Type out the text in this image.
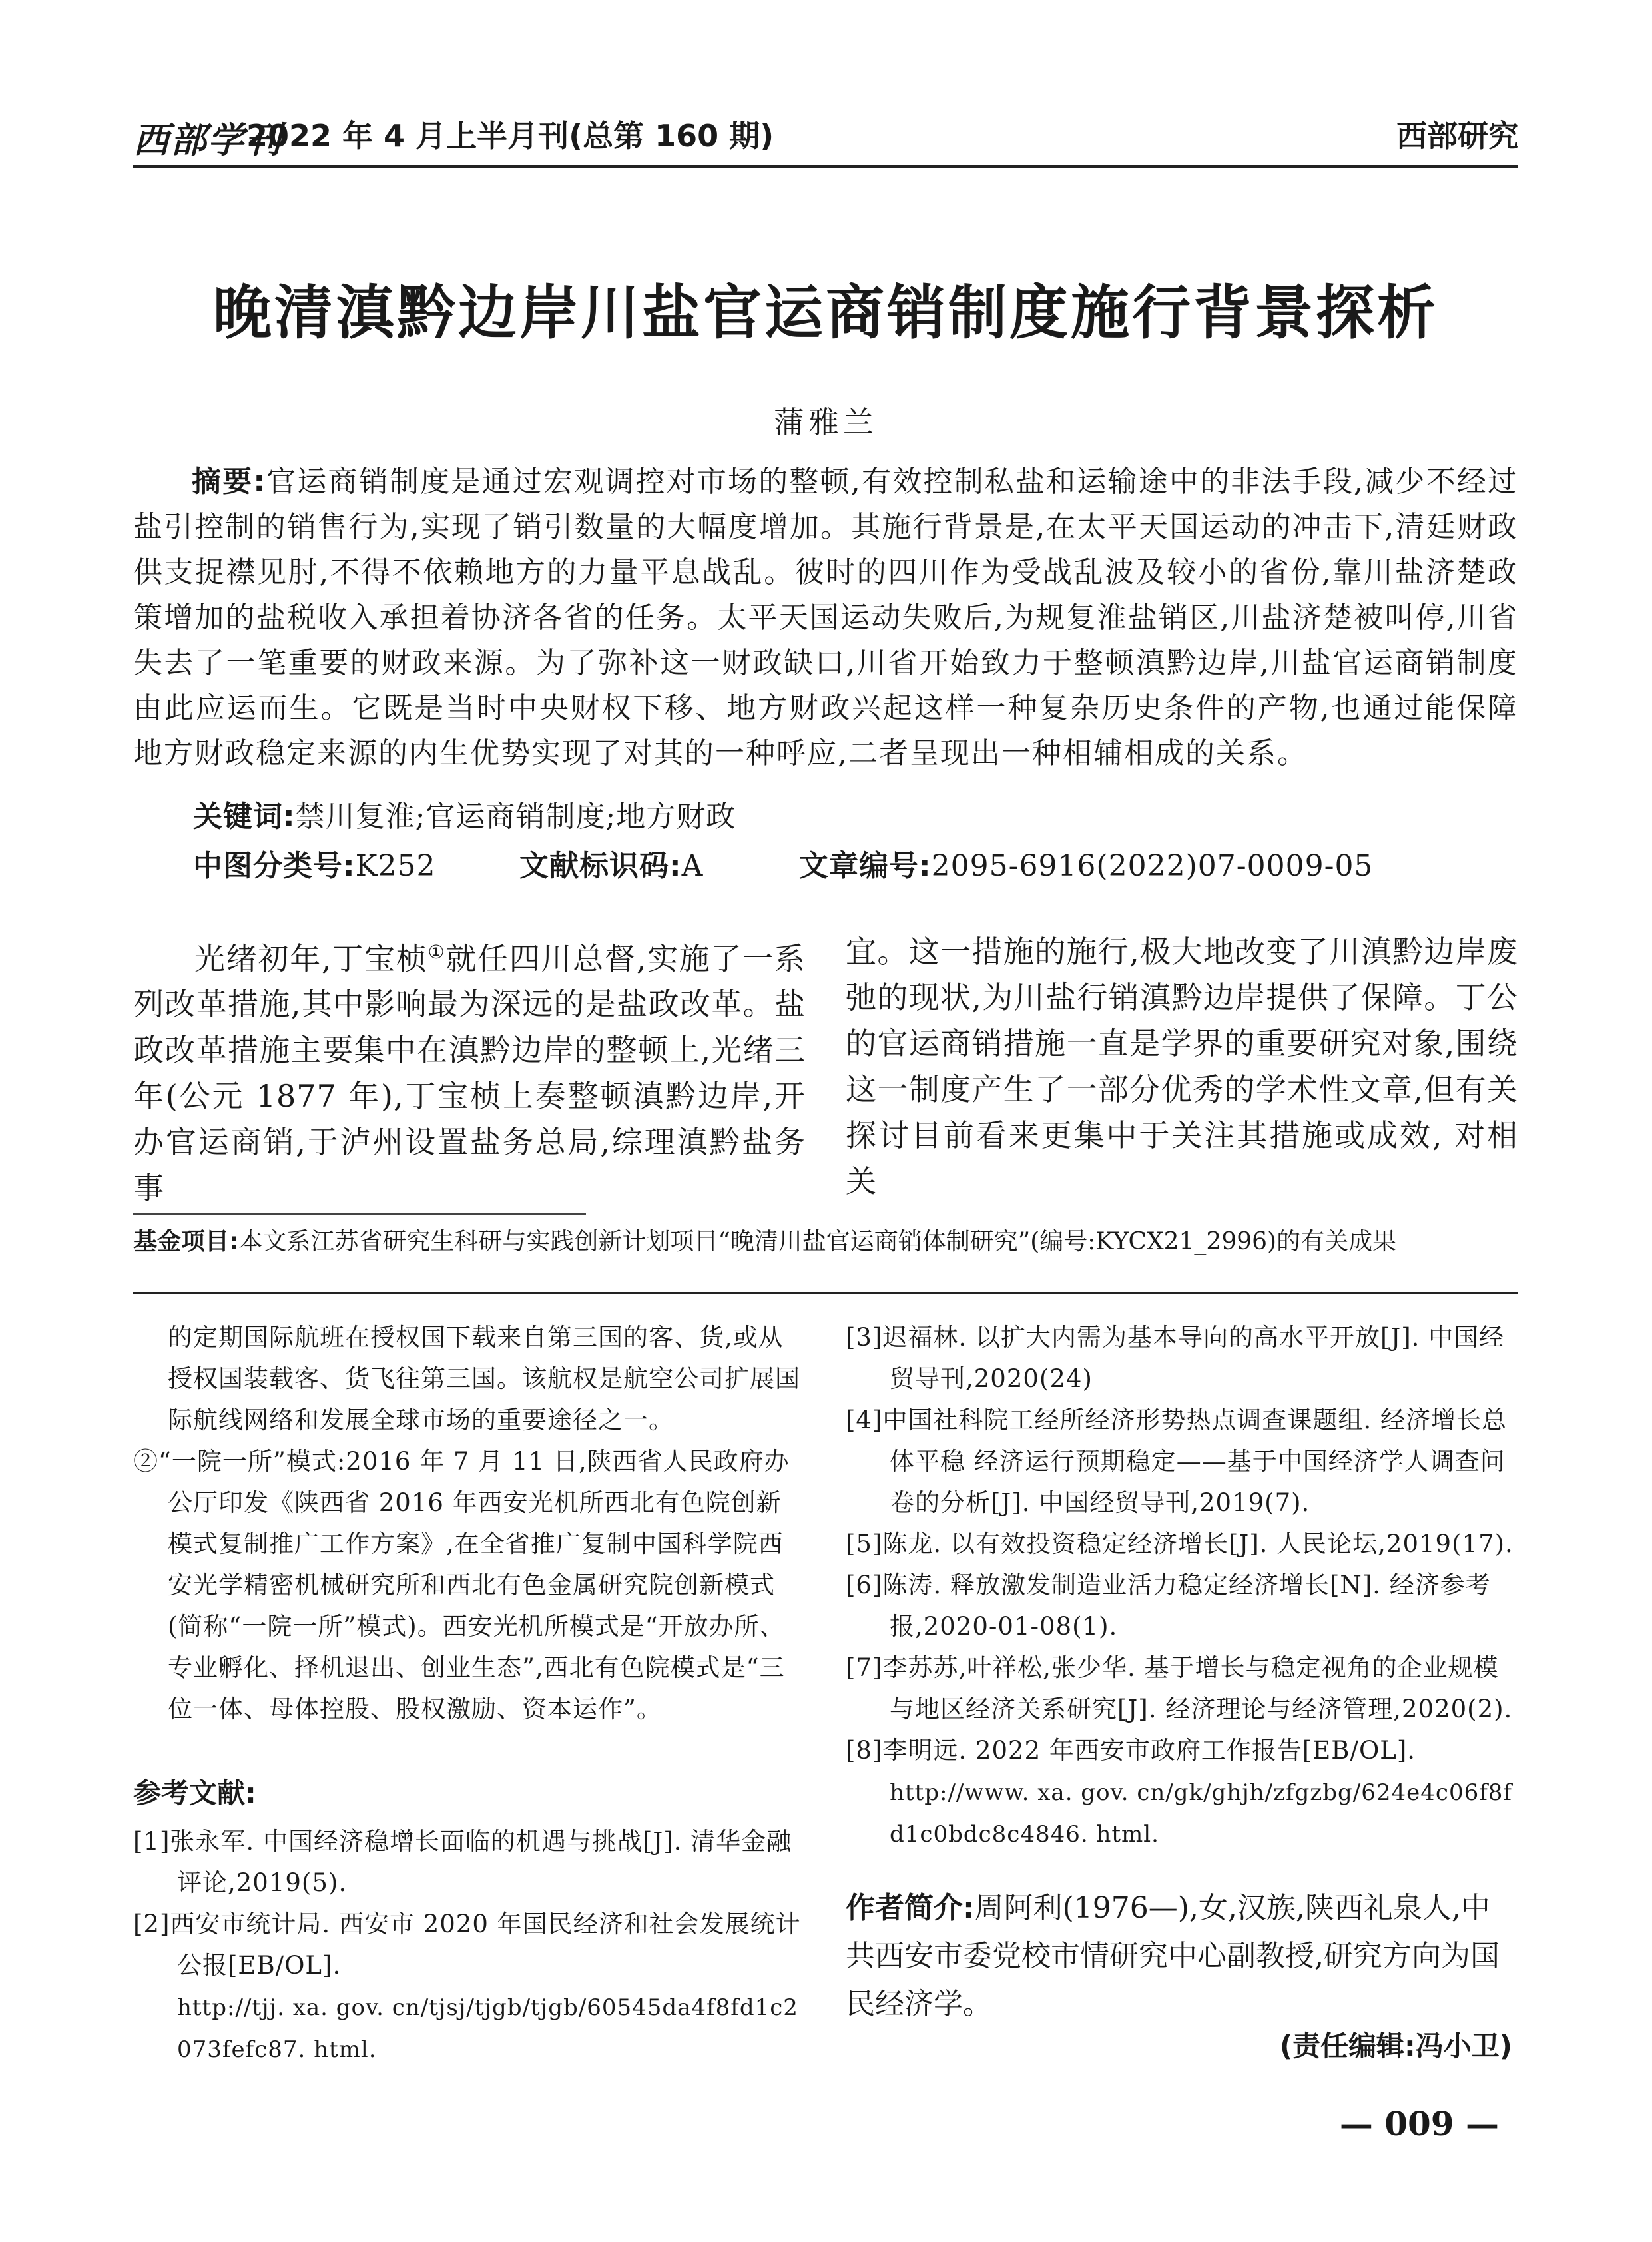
西部学刊
2022 年 4 月上半月刊(总第 160 期)	西部研究
晚清滇黔边岸川盐官运商销制度施行背景探析
蒲雅兰
摘要:官运商销制度是通过宏观调控对市场的整顿,有效控制私盐和运输途中的非法手段,减少不经过盐引控制的销售行为,实现了销引数量的大幅度增加。其施行背景是,在太平天国运动的冲击下,清廷财政供支捉襟见肘,不得不依赖地方的力量平息战乱。彼时的四川作为受战乱波及较小的省份,靠川盐济楚政策增加的盐税收入承担着协济各省的任务。太平天国运动失败后,为规复淮盐销区,川盐济楚被叫停,川省失去了一笔重要的财政来源。为了弥补这一财政缺口,川省开始致力于整顿滇黔边岸,川盐官运商销制度由此应运而生。它既是当时中央财权下移、地方财政兴起这样一种复杂历史条件的产物,也通过能保障地方财政稳定来源的内生优势实现了对其的一种呼应,二者呈现出一种相辅相成的关系。
关键词:禁川复淮;官运商销制度;地方财政
中图分类号:K252	文献标识码:A	文章编号:2095-6916(2022)07-0009-05
光绪初年,丁宝桢①就任四川总督,实施了一系列改革措施,其中影响最为深远的是盐政改革。盐政改革措施主要集中在滇黔边岸的整顿上,光绪三年(公元 1877 年),丁宝桢上奏整顿滇黔边岸,开办官运商销,于泸州设置盐务总局,综理滇黔盐务事
宜。这一措施的施行,极大地改变了川滇黔边岸废弛的现状,为川盐行销滇黔边岸提供了保障。丁公的官运商销措施一直是学界的重要研究对象,围绕这一制度产生了一部分优秀的学术性文章,但有关探讨目前看来更集中于关注其措施或成效, 对相关
基金项目:本文系江苏省研究生科研与实践创新计划项目“晚清川盐官运商销体制研究”(编号:KYCX21_2996)的有关成果
的定期国际航班在授权国下载来自第三国的客、货,或从授权国装载客、货飞往第三国。该航权是航空公司扩展国际航线网络和发展全球市场的重要途径之一。
②“一院一所”模式:2016 年 7 月 11 日,陕西省人民政府办公厅印发《陕西省 2016 年西安光机所西北有色院创新模式复制推广工作方案》,在全省推广复制中国科学院西安光学精密机械研究所和西北有色金属研究院创新模式(简称“一院一所”模式)。西安光机所模式是“开放办所、专业孵化、择机退出、创业生态”,西北有色院模式是“三位一体、母体控股、股权激励、资本运作”。
参考文献:
[1]张永军. 中国经济稳增长面临的机遇与挑战[J]. 清华金融评论,2019(5).
[2]西安市统计局. 西安市 2020 年国民经济和社会发展统计公报[EB/OL].
http://tjj. xa. gov. cn/tjsj/tjgb/tjgb/60545da4f8fd1c2073fefc87. html.
[3]迟福林. 以扩大内需为基本导向的高水平开放[J]. 中国经贸导刊,2020(24)
[4]中国社科院工经所经济形势热点调查课题组. 经济增长总体平稳 经济运行预期稳定——基于中国经济学人调查问卷的分析[J]. 中国经贸导刊,2019(7).
[5]陈龙. 以有效投资稳定经济增长[J]. 人民论坛,2019(17).
[6]陈涛. 释放激发制造业活力稳定经济增长[N]. 经济参考报,2020-01-08(1).
[7]李苏苏,叶祥松,张少华. 基于增长与稳定视角的企业规模与地区经济关系研究[J]. 经济理论与经济管理,2020(2).
[8]李明远. 2022 年西安市政府工作报告[EB/OL].
http://www. xa. gov. cn/gk/ghjh/zfgzbg/624e4c06f8fd1c0bdc8c4846. html.
作者简介:周阿利(1976—),女,汉族,陕西礼泉人,中共西安市委党校市情研究中心副教授,研究方向为国民经济学。
(责任编辑:冯小卫)
— 009 —
